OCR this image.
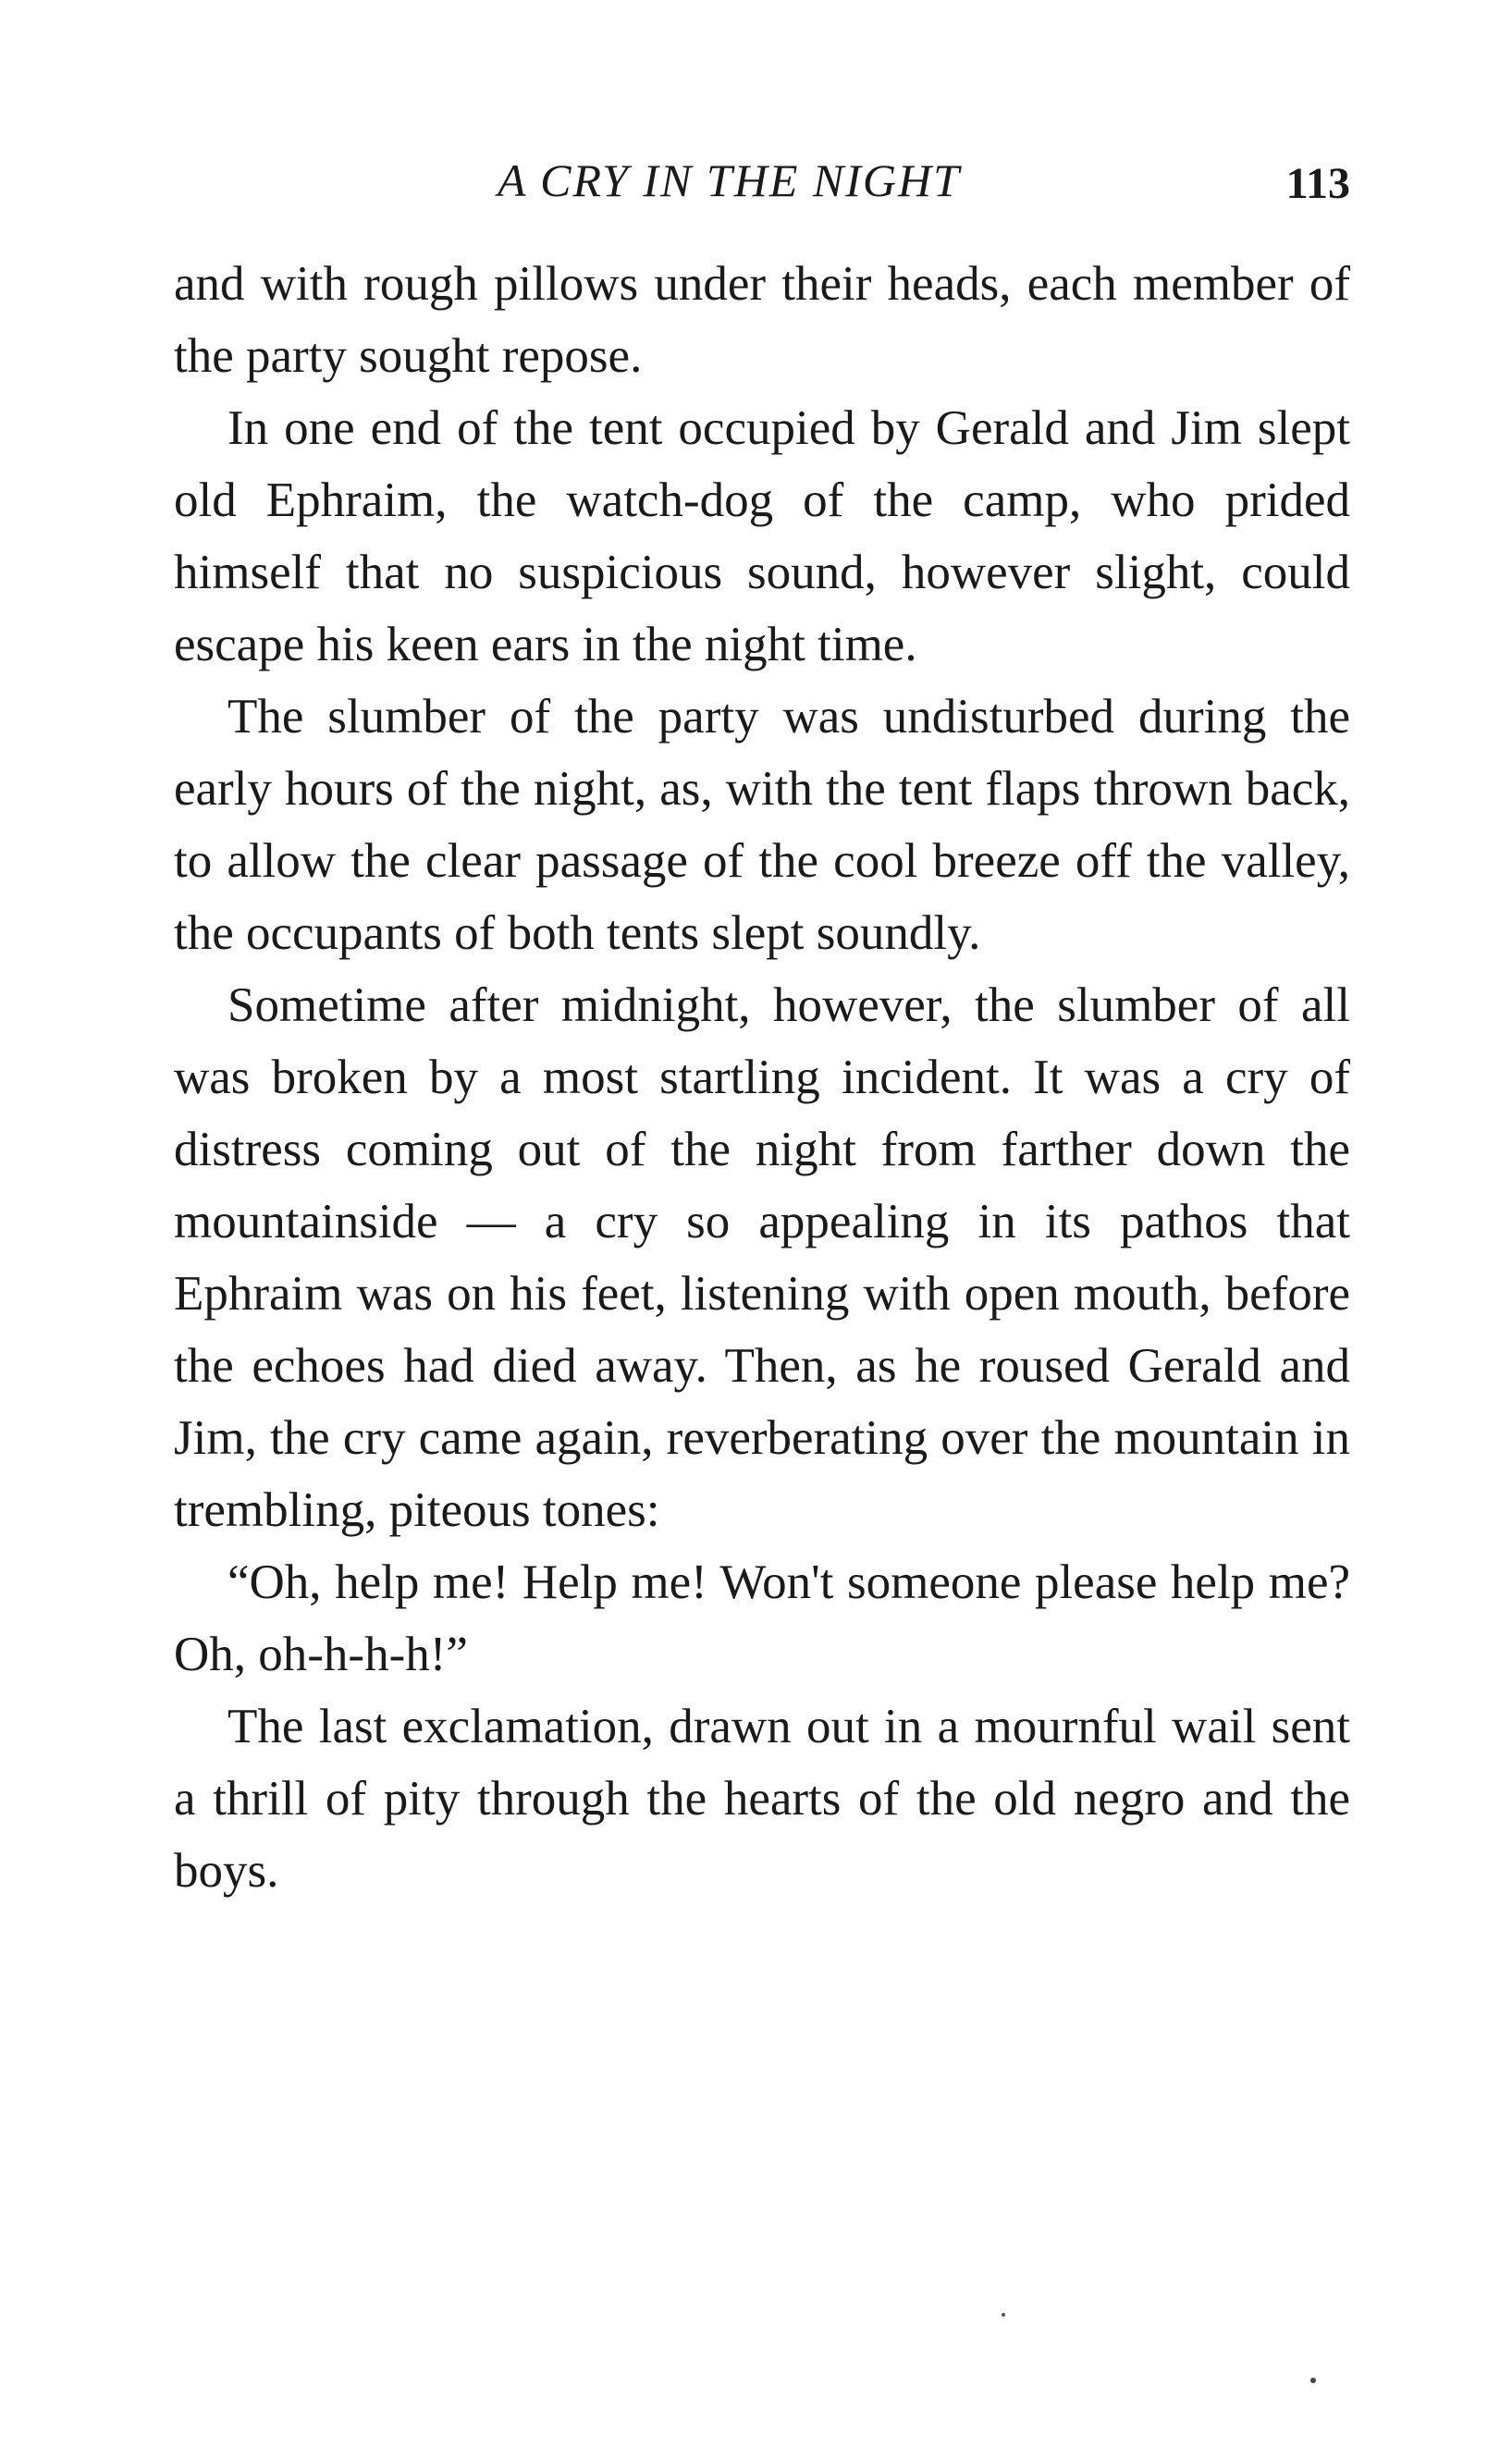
A CRY IN THE NIGHT	113

and with rough pillows under their heads, each member of the party sought repose.

In one end of the tent occupied by Gerald and Jim slept old Ephraim, the watch-dog of the camp, who prided himself that no suspicious sound, however slight, could escape his keen ears in the night time.

The slumber of the party was undisturbed during the early hours of the night, as, with the tent flaps thrown back, to allow the clear passage of the cool breeze off the valley, the occupants of both tents slept soundly.

Sometime after midnight, however, the slumber of all was broken by a most startling incident. It was a cry of distress coming out of the night from farther down the mountainside — a cry so appealing in its pathos that Ephraim was on his feet, listening with open mouth, before the echoes had died away. Then, as he roused Gerald and Jim, the cry came again, reverberating over the mountain in trembling, piteous tones:

“Oh, help me! Help me! Won't someone please help me? Oh, oh-h-h-h!”

The last exclamation, drawn out in a mournful wail sent a thrill of pity through the hearts of the old negro and the boys.
